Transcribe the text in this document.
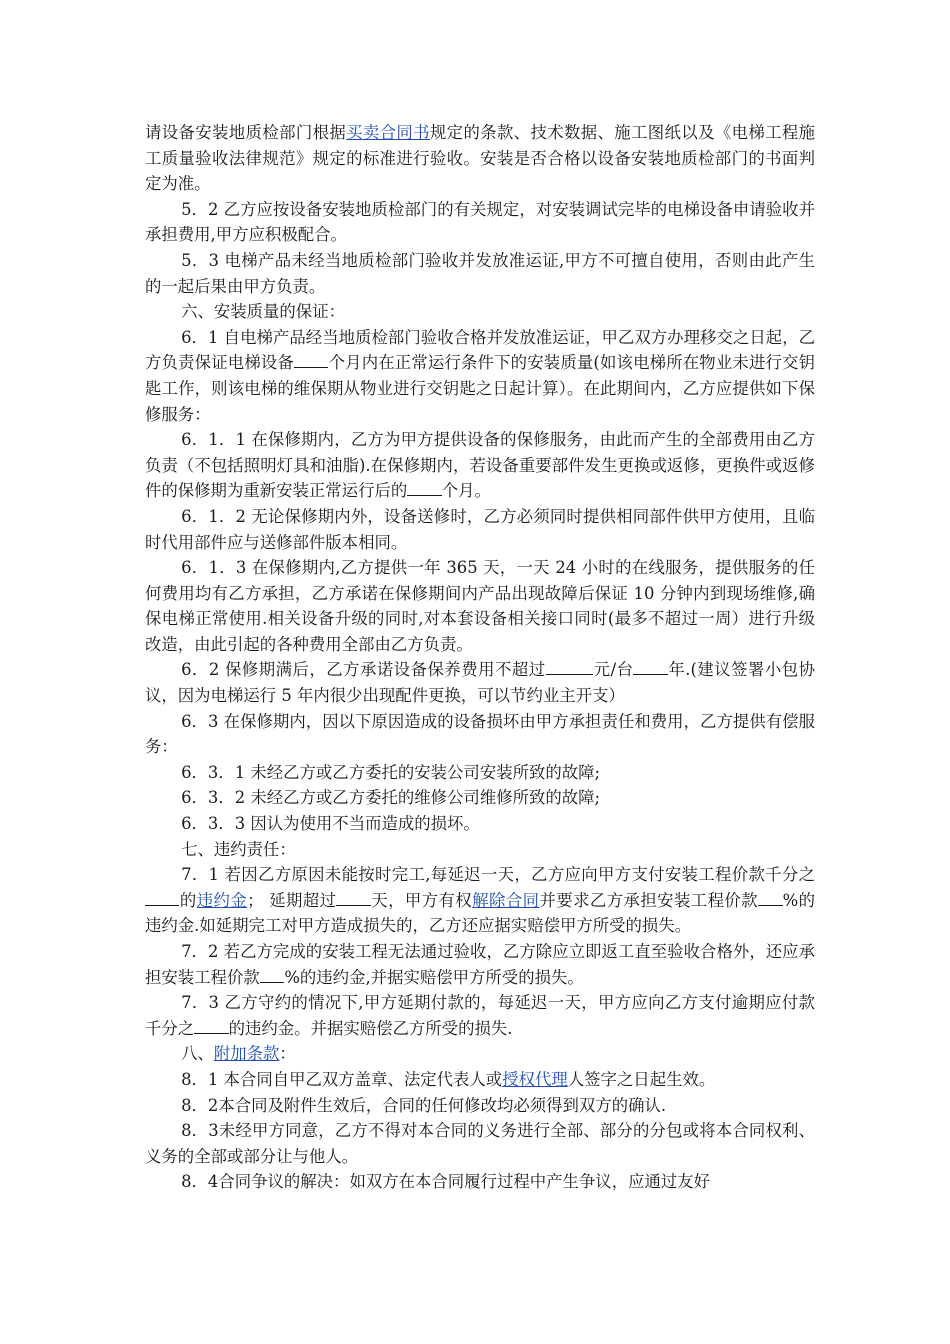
请设备安装地质检部门根据买卖合同书规定的条款、技术数据、施工图纸以及《电梯工程施工质量验收法律规范》规定的标准进行验收。安装是否合格以设备安装地质检部门的书面判定为准。

5．2 乙方应按设备安装地质检部门的有关规定，对安装调试完毕的电梯设备申请验收并承担费用,甲方应积极配合。

5．3 电梯产品未经当地质检部门验收并发放准运证,甲方不可擅自使用，否则由此产生的一起后果由甲方负责。

六、安装质量的保证：

6．1 自电梯产品经当地质检部门验收合格并发放准运证，甲乙双方办理移交之日起，乙方负责保证电梯设备 个月内在正常运行条件下的安装质量(如该电梯所在物业未进行交钥匙工作，则该电梯的维保期从物业进行交钥匙之日起计算）。在此期间内，乙方应提供如下保修服务：

6．1．1 在保修期内，乙方为甲方提供设备的保修服务，由此而产生的全部费用由乙方负责（不包括照明灯具和油脂).在保修期内，若设备重要部件发生更换或返修，更换件或返修件的保修期为重新安装正常运行后的 个月。

6．1．2 无论保修期内外，设备送修时，乙方必须同时提供相同部件供甲方使用，且临时代用部件应与送修部件版本相同。

6．1．3 在保修期内,乙方提供一年 365 天，一天 24 小时的在线服务，提供服务的任何费用均有乙方承担，乙方承诺在保修期间内产品出现故障后保证 10 分钟内到现场维修,确保电梯正常使用.相关设备升级的同时,对本套设备相关接口同时(最多不超过一周）进行升级改造，由此引起的各种费用全部由乙方负责。

6．2 保修期满后，乙方承诺设备保养费用不超过	元/台 年.(建议签署小包协议，因为电梯运行 5 年内很少出现配件更换，可以节约业主开支）

6．3 在保修期内，因以下原因造成的设备损坏由甲方承担责任和费用，乙方提供有偿服务：

6．3．1 未经乙方或乙方委托的安装公司安装所致的故障;

6．3．2 未经乙方或乙方委托的维修公司维修所致的故障;

6．3．3 因认为使用不当而造成的损坏。

七、违约责任：

7．1 若因乙方原因未能按时完工,每延迟一天，乙方应向甲方支付安装工程价款千分之的违约金； 延期超过 天，甲方有权解除合同并要求乙方承担安装工程价款 %的违约金.如延期完工对甲方造成损失的，乙方还应据实赔偿甲方所受的损失。

7．2 若乙方完成的安装工程无法通过验收，乙方除应立即返工直至验收合格外，还应承担安装工程价款 %的违约金,并据实赔偿甲方所受的损失。

7．3 乙方守约的情况下,甲方延期付款的，每延迟一天，甲方应向乙方支付逾期应付款千分之 的违约金。并据实赔偿乙方所受的损失.

八、附加条款：

8．1 本合同自甲乙双方盖章、法定代表人或授权代理人签字之日起生效。

8．2本合同及附件生效后，合同的任何修改均必须得到双方的确认.

8．3未经甲方同意，乙方不得对本合同的义务进行全部、部分的分包或将本合同权利、义务的全部或部分让与他人。

8．4合同争议的解决：如双方在本合同履行过程中产生争议，应通过友好
